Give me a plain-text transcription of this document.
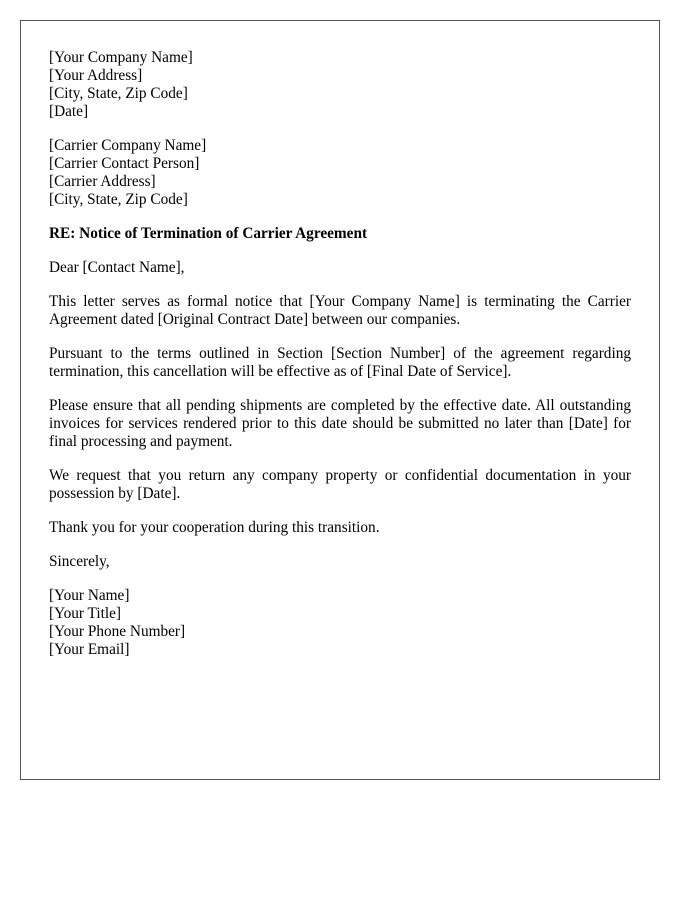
[Your Company Name]
[Your Address]
[City, State, Zip Code]
[Date]
[Carrier Company Name]
[Carrier Contact Person]
[Carrier Address]
[City, State, Zip Code]
RE: Notice of Termination of Carrier Agreement
Dear [Contact Name],
This letter serves as formal notice that [Your Company Name] is terminating the Carrier Agreement dated [Original Contract Date] between our companies.
Pursuant to the terms outlined in Section [Section Number] of the agreement regarding termination, this cancellation will be effective as of [Final Date of Service].
Please ensure that all pending shipments are completed by the effective date. All outstanding invoices for services rendered prior to this date should be submitted no later than [Date] for final processing and payment.
We request that you return any company property or confidential documentation in your possession by [Date].
Thank you for your cooperation during this transition.
Sincerely,
[Your Name]
[Your Title]
[Your Phone Number]
[Your Email]
